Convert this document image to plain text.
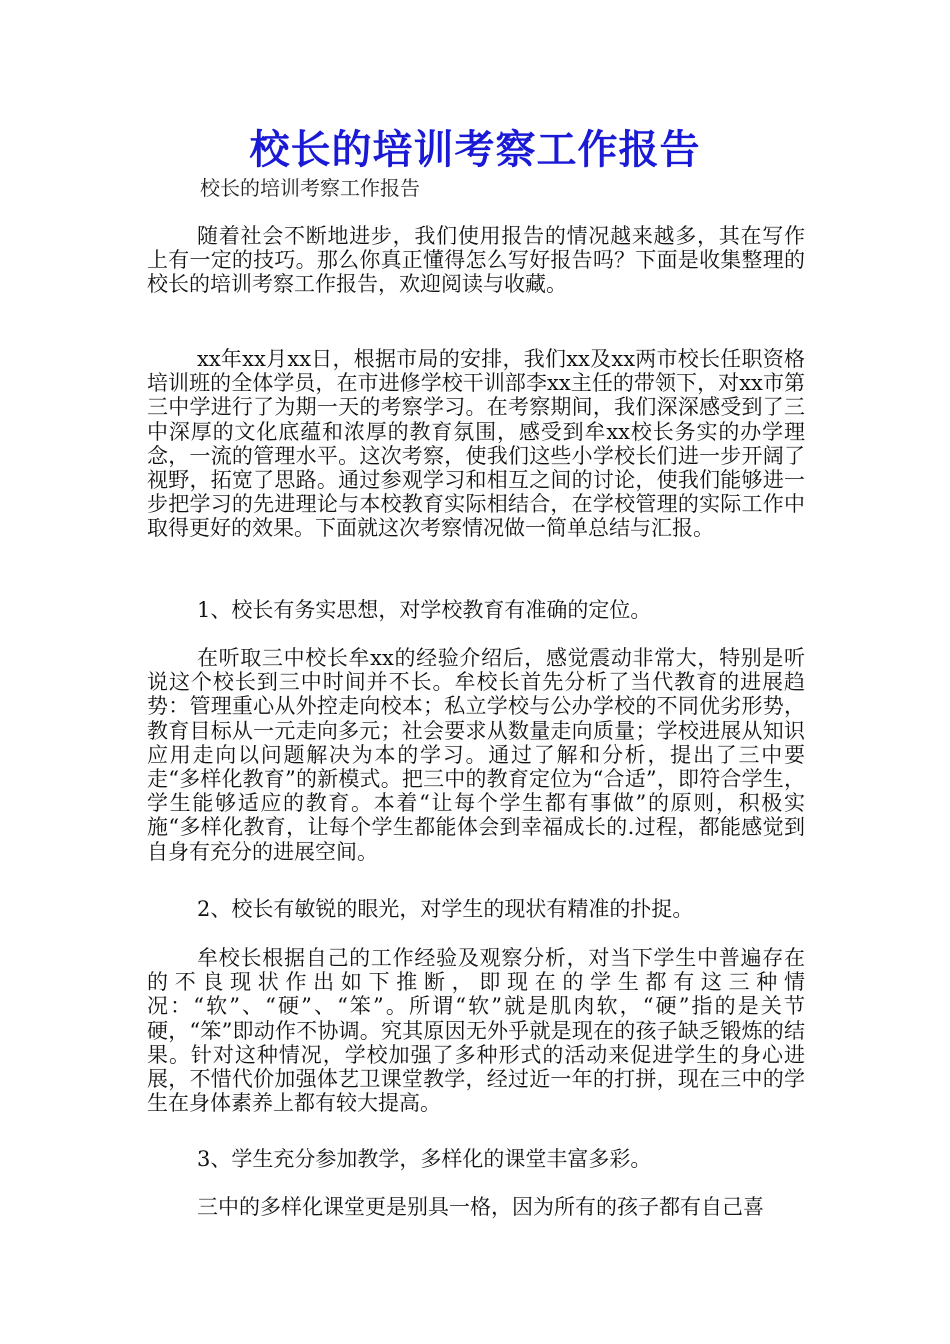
校长的培训考察工作报告
校长的培训考察工作报告

随着社会不断地进步，我们使用报告的情况越来越多，其在写作上有一定的技巧。那么你真正懂得怎么写好报告吗？下面是收集整理的校长的培训考察工作报告，欢迎阅读与收藏。

xx年xx月xx日，根据市局的安排，我们xx及xx两市校长任职资格培训班的全体学员，在市进修学校干训部李xx主任的带领下，对xx市第三中学进行了为期一天的考察学习。在考察期间，我们深深感受到了三中深厚的文化底蕴和浓厚的教育氛围，感受到牟xx校长务实的办学理念，一流的管理水平。这次考察，使我们这些小学校长们进一步开阔了视野，拓宽了思路。通过参观学习和相互之间的讨论，使我们能够进一步把学习的先进理论与本校教育实际相结合，在学校管理的实际工作中取得更好的效果。下面就这次考察情况做一简单总结与汇报。

1、校长有务实思想，对学校教育有准确的定位。

在听取三中校长牟xx的经验介绍后，感觉震动非常大，特别是听说这个校长到三中时间并不长。牟校长首先分析了当代教育的进展趋势：管理重心从外控走向校本；私立学校与公办学校的不同优劣形势，教育目标从一元走向多元；社会要求从数量走向质量；学校进展从知识应用走向以问题解决为本的学习。通过了解和分析，提出了三中要走“多样化教育”的新模式。把三中的教育定位为“合适”，即符合学生，学生能够适应的教育。本着“让每个学生都有事做”的原则，积极实施“多样化教育，让每个学生都能体会到幸福成长的.过程，都能感觉到自身有充分的进展空间。

2、校长有敏锐的眼光，对学生的现状有精准的扑捉。

牟校长根据自己的工作经验及观察分析，对当下学生中普遍存在的不良现状作出如下推断，即现在的学生都有这三种情况：“软”、“硬”、“笨”。所谓“软”就是肌肉软，“硬”指的是关节硬，“笨”即动作不协调。究其原因无外乎就是现在的孩子缺乏锻炼的结果。针对这种情况，学校加强了多种形式的活动来促进学生的身心进展，不惜代价加强体艺卫课堂教学，经过近一年的打拼，现在三中的学生在身体素养上都有较大提高。

3、学生充分参加教学，多样化的课堂丰富多彩。

三中的多样化课堂更是别具一格，因为所有的孩子都有自己喜
